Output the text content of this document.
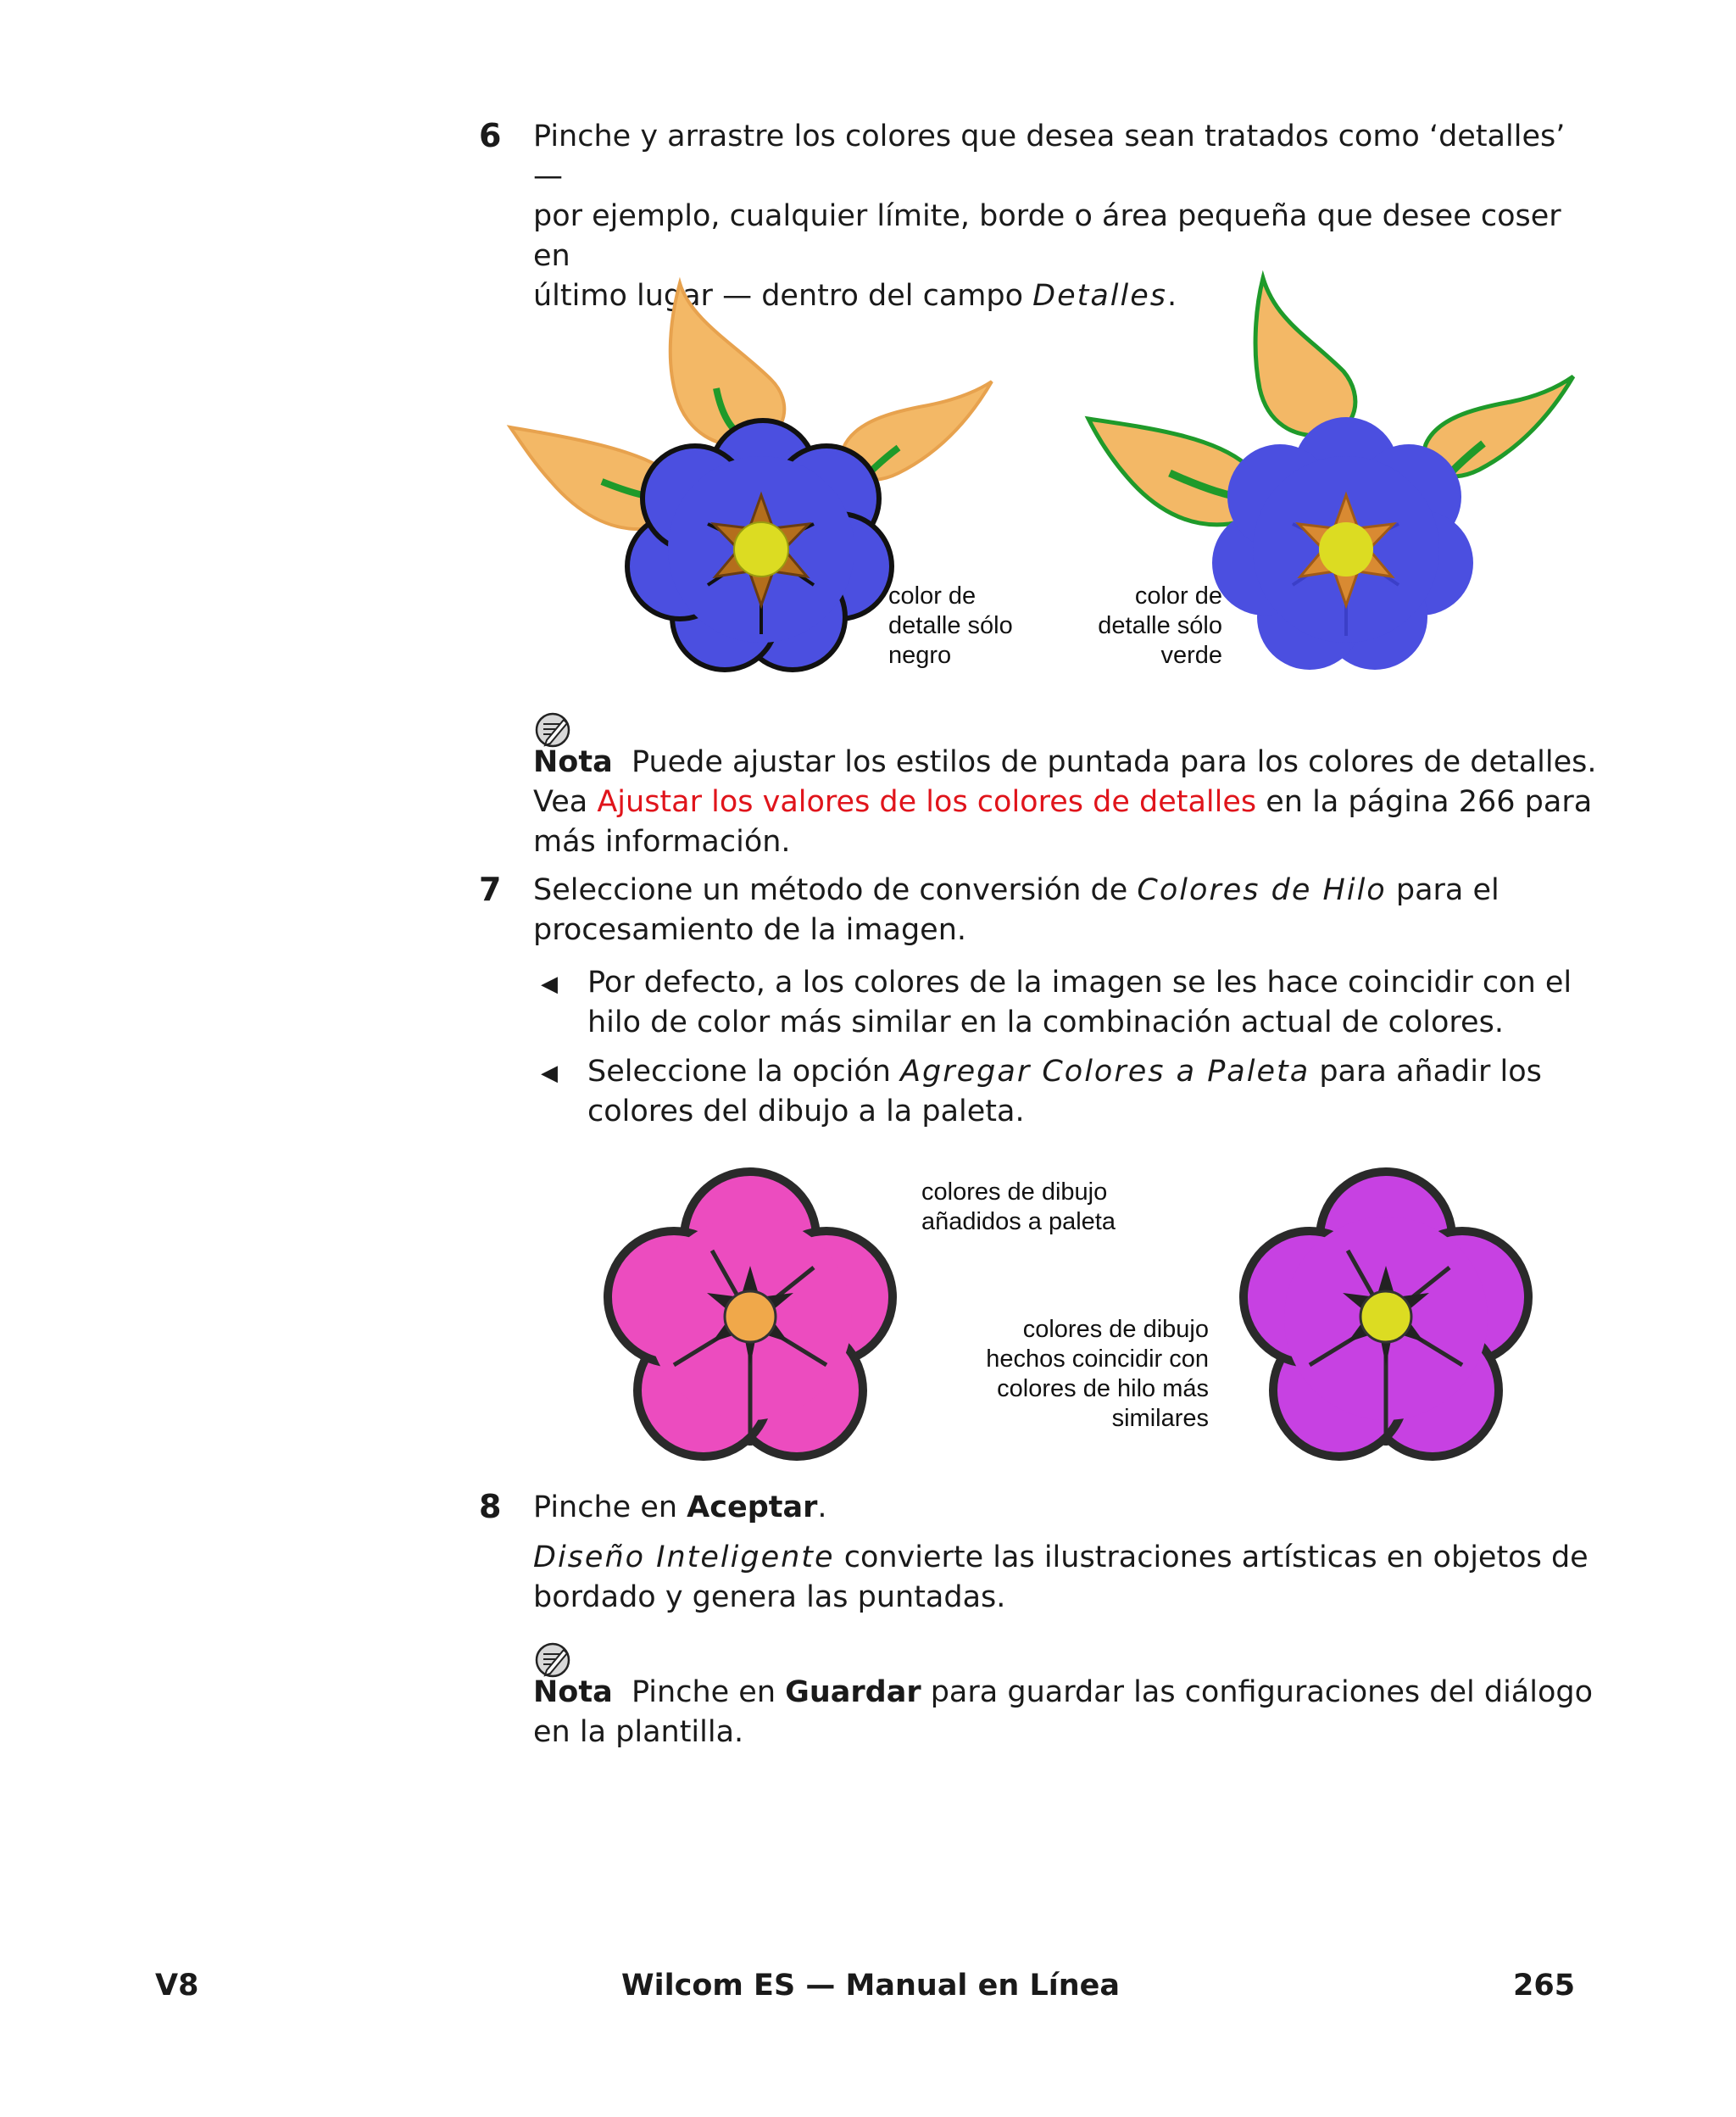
6 Pinche y arrastre los colores que desea sean tratados como ‘detalles’ —
por ejemplo, cualquier límite, borde o área pequeña que desee coser en
último lugar — dentro del campo Detalles.
color de
detalle sólo
negro
color de
detalle sólo
verde
Nota Puede ajustar los estilos de puntada para los colores de detalles.
Vea Ajustar los valores de los colores de detalles en la página 266 para
más información.
7 Seleccione un método de conversión de Colores de Hilo para el
procesamiento de la imagen.
◀ Por defecto, a los colores de la imagen se les hace coincidir con el
hilo de color más similar en la combinación actual de colores.
◀ Seleccione la opción Agregar Colores a Paleta para añadir los
colores del dibujo a la paleta.
colores de dibujo
añadidos a paleta
colores de dibujo
hechos coincidir con
colores de hilo más
similares
8 Pinche en Aceptar.
Diseño Inteligente convierte las ilustraciones artísticas en objetos de
bordado y genera las puntadas.
Nota Pinche en Guardar para guardar las configuraciones del diálogo
en la plantilla.
V8	Wilcom ES — Manual en Línea	265
